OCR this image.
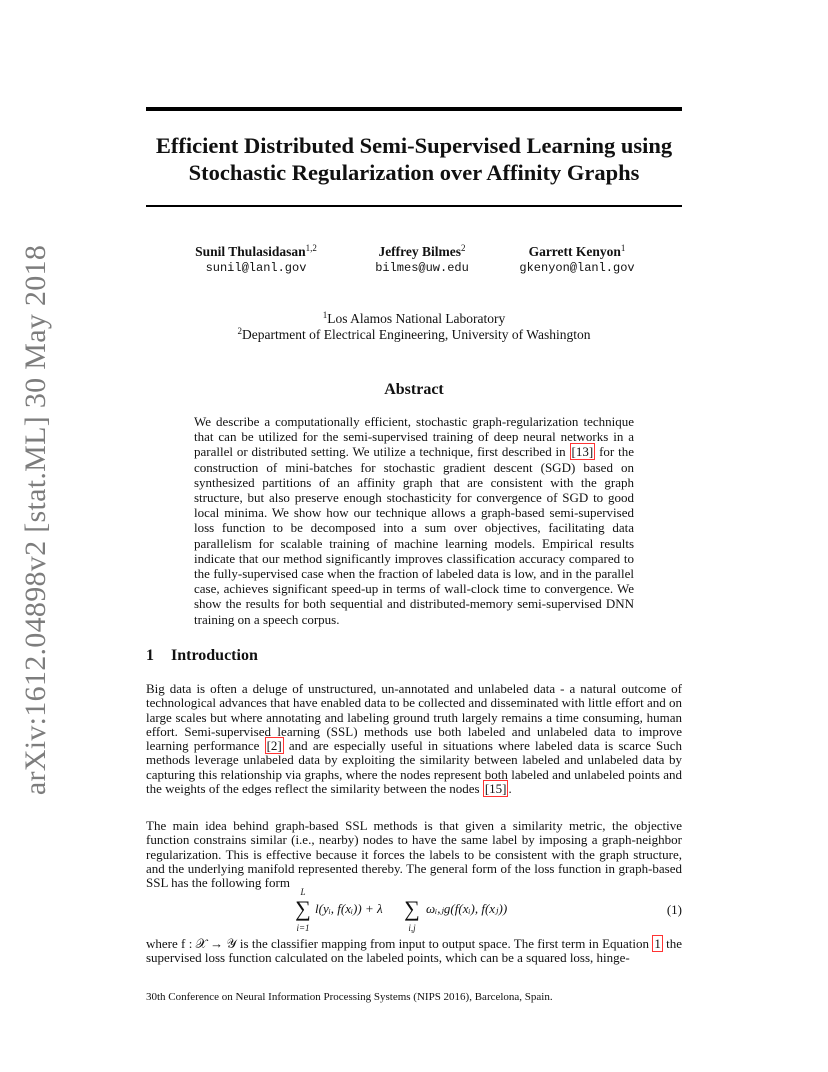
arXiv:1612.04898v2 [stat.ML] 30 May 2018
Efficient Distributed Semi-Supervised Learning using
Stochastic Regularization over Affinity Graphs
Sunil Thulasidasan$^{1,2}$
sunil@lanl.gov
Jeffrey Bilmes$^2$
bilmes@uw.edu
Garrett Kenyon$^1$
gkenyon@lanl.gov
$^1$Los Alamos National Laboratory
$^2$Department of Electrical Engineering, University of Washington
Abstract
We describe a computationally efficient, stochastic graph-regularization technique that can be utilized for the semi-supervised training of deep neural networks in a parallel or distributed setting. We utilize a technique, first described in [13] for the construction of mini-batches for stochastic gradient descent (SGD) based on synthesized partitions of an affinity graph that are consistent with the graph structure, but also preserve enough stochasticity for convergence of SGD to good local minima. We show how our technique allows a graph-based semi-supervised loss function to be decomposed into a sum over objectives, facilitating data parallelism for scalable training of machine learning models. Empirical results indicate that our method significantly improves classification accuracy compared to the fully-supervised case when the fraction of labeled data is low, and in the parallel case, achieves significant speed-up in terms of wall-clock time to convergence. We show the results for both sequential and distributed-memory semi-supervised DNN training on a speech corpus.
1 Introduction
Big data is often a deluge of unstructured, un-annotated and unlabeled data - a natural outcome of technological advances that have enabled data to be collected and disseminated with little effort and on large scales but where annotating and labeling ground truth largely remains a time consuming, human effort. Semi-supervised learning (SSL) methods use both labeled and unlabeled data to improve learning performance [2] and are especially useful in situations where labeled data is scarce Such methods leverage unlabeled data by exploiting the similarity between labeled and unlabeled data by capturing this relationship via graphs, where the nodes represent both labeled and unlabeled points and the weights of the edges reflect the similarity between the nodes [15] .
The main idea behind graph-based SSL methods is that given a similarity metric, the objective function constrains similar (i.e., nearby) nodes to have the same label by imposing a graph-neighbor regularization. This is effective because it forces the labels to be consistent with the graph structure, and the underlying manifold represented thereby. The general form of the loss function in graph-based SSL has the following form
L
∑
i=1
l(yᵢ, f(xᵢ)) + λ ∑
i,j
ωᵢ,ⱼg(f(xᵢ), f(xⱼ))	(1)
where f : 𝒳 → 𝒴 is the classifier mapping from input to output space. The first term in Equation 1 the supervised loss function calculated on the labeled points, which can be a squared loss, hinge-
30th Conference on Neural Information Processing Systems (NIPS 2016), Barcelona, Spain.
